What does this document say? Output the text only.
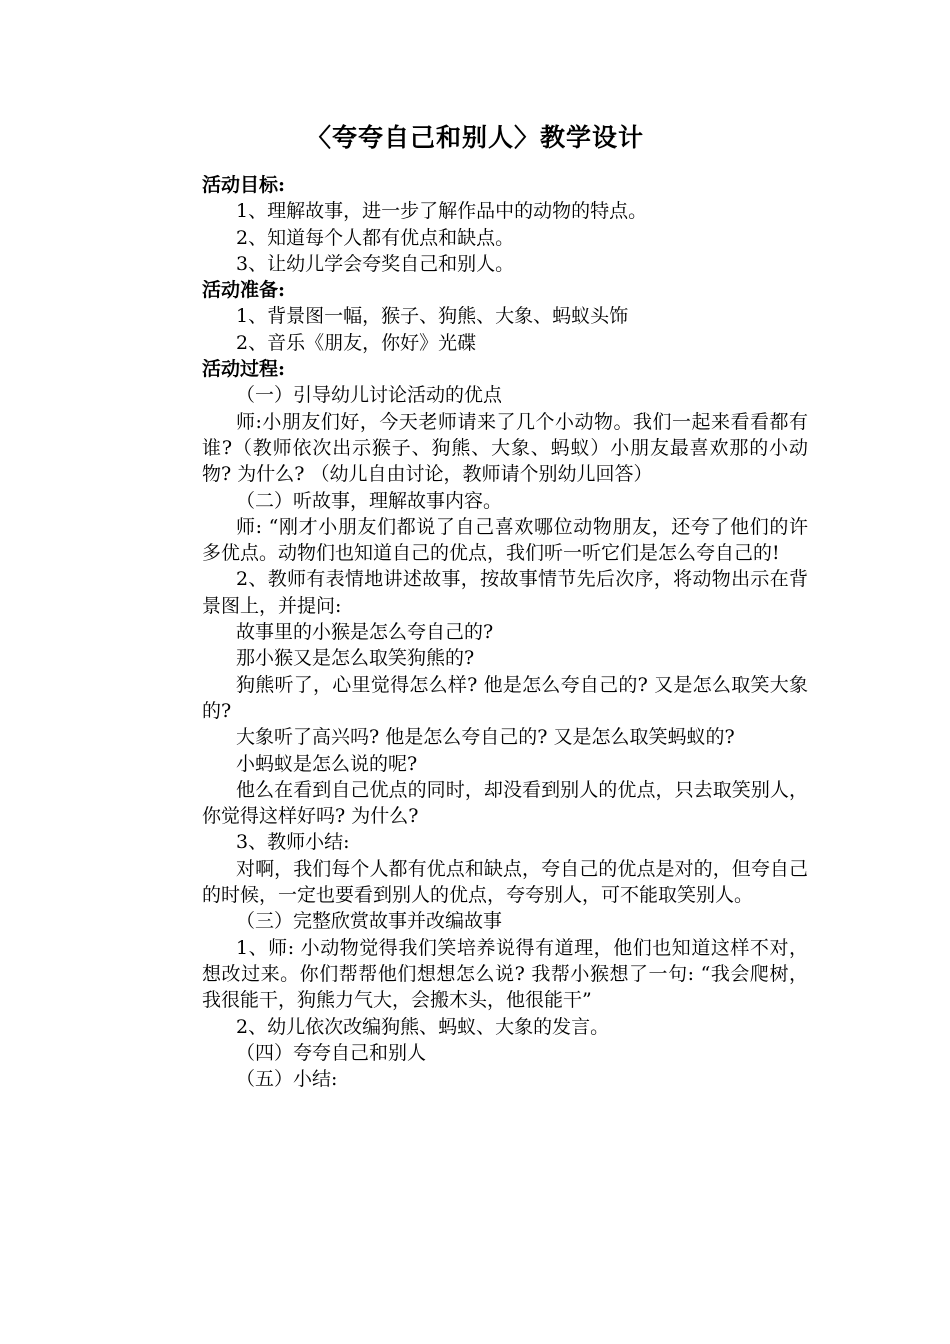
〈夸夸自己和别人〉教学设计

活动目标:

1、理解故事，进一步了解作品中的动物的特点。

2、知道每个人都有优点和缺点。

3、让幼儿学会夸奖自己和别人。

活动准备:

1、背景图一幅，猴子、狗熊、大象、蚂蚁头饰

2、音乐《朋友，你好》光碟

活动过程:

（一）引导幼儿讨论活动的优点

师:小朋友们好，今天老师请来了几个小动物。我们一起来看看都有谁?（教师依次出示猴子、狗熊、大象、蚂蚁）小朋友最喜欢那的小动物? 为什么? （幼儿自由讨论，教师请个别幼儿回答）

（二）听故事，理解故事内容。

师: “刚才小朋友们都说了自己喜欢哪位动物朋友，还夸了他们的许多优点。动物们也知道自己的优点，我们听一听它们是怎么夸自己的!

2、教师有表情地讲述故事，按故事情节先后次序，将动物出示在背景图上，并提问:

故事里的小猴是怎么夸自己的?

那小猴又是怎么取笑狗熊的?

狗熊听了，心里觉得怎么样? 他是怎么夸自己的? 又是怎么取笑大象的?

大象听了高兴吗? 他是怎么夸自己的? 又是怎么取笑蚂蚁的?

小蚂蚁是怎么说的呢?

他么在看到自己优点的同时，却没看到别人的优点，只去取笑别人，你觉得这样好吗? 为什么?

3、教师小结:

对啊，我们每个人都有优点和缺点，夸自己的优点是对的，但夸自己的时候，一定也要看到别人的优点，夸夸别人，可不能取笑别人。

（三）完整欣赏故事并改编故事

1、师: 小动物觉得我们笑培养说得有道理，他们也知道这样不对，想改过来。你们帮帮他们想想怎么说? 我帮小猴想了一句: “我会爬树，我很能干，狗熊力气大，会搬木头，他很能干”

2、幼儿依次改编狗熊、蚂蚁、大象的发言。

（四）夸夸自己和别人

（五）小结:
